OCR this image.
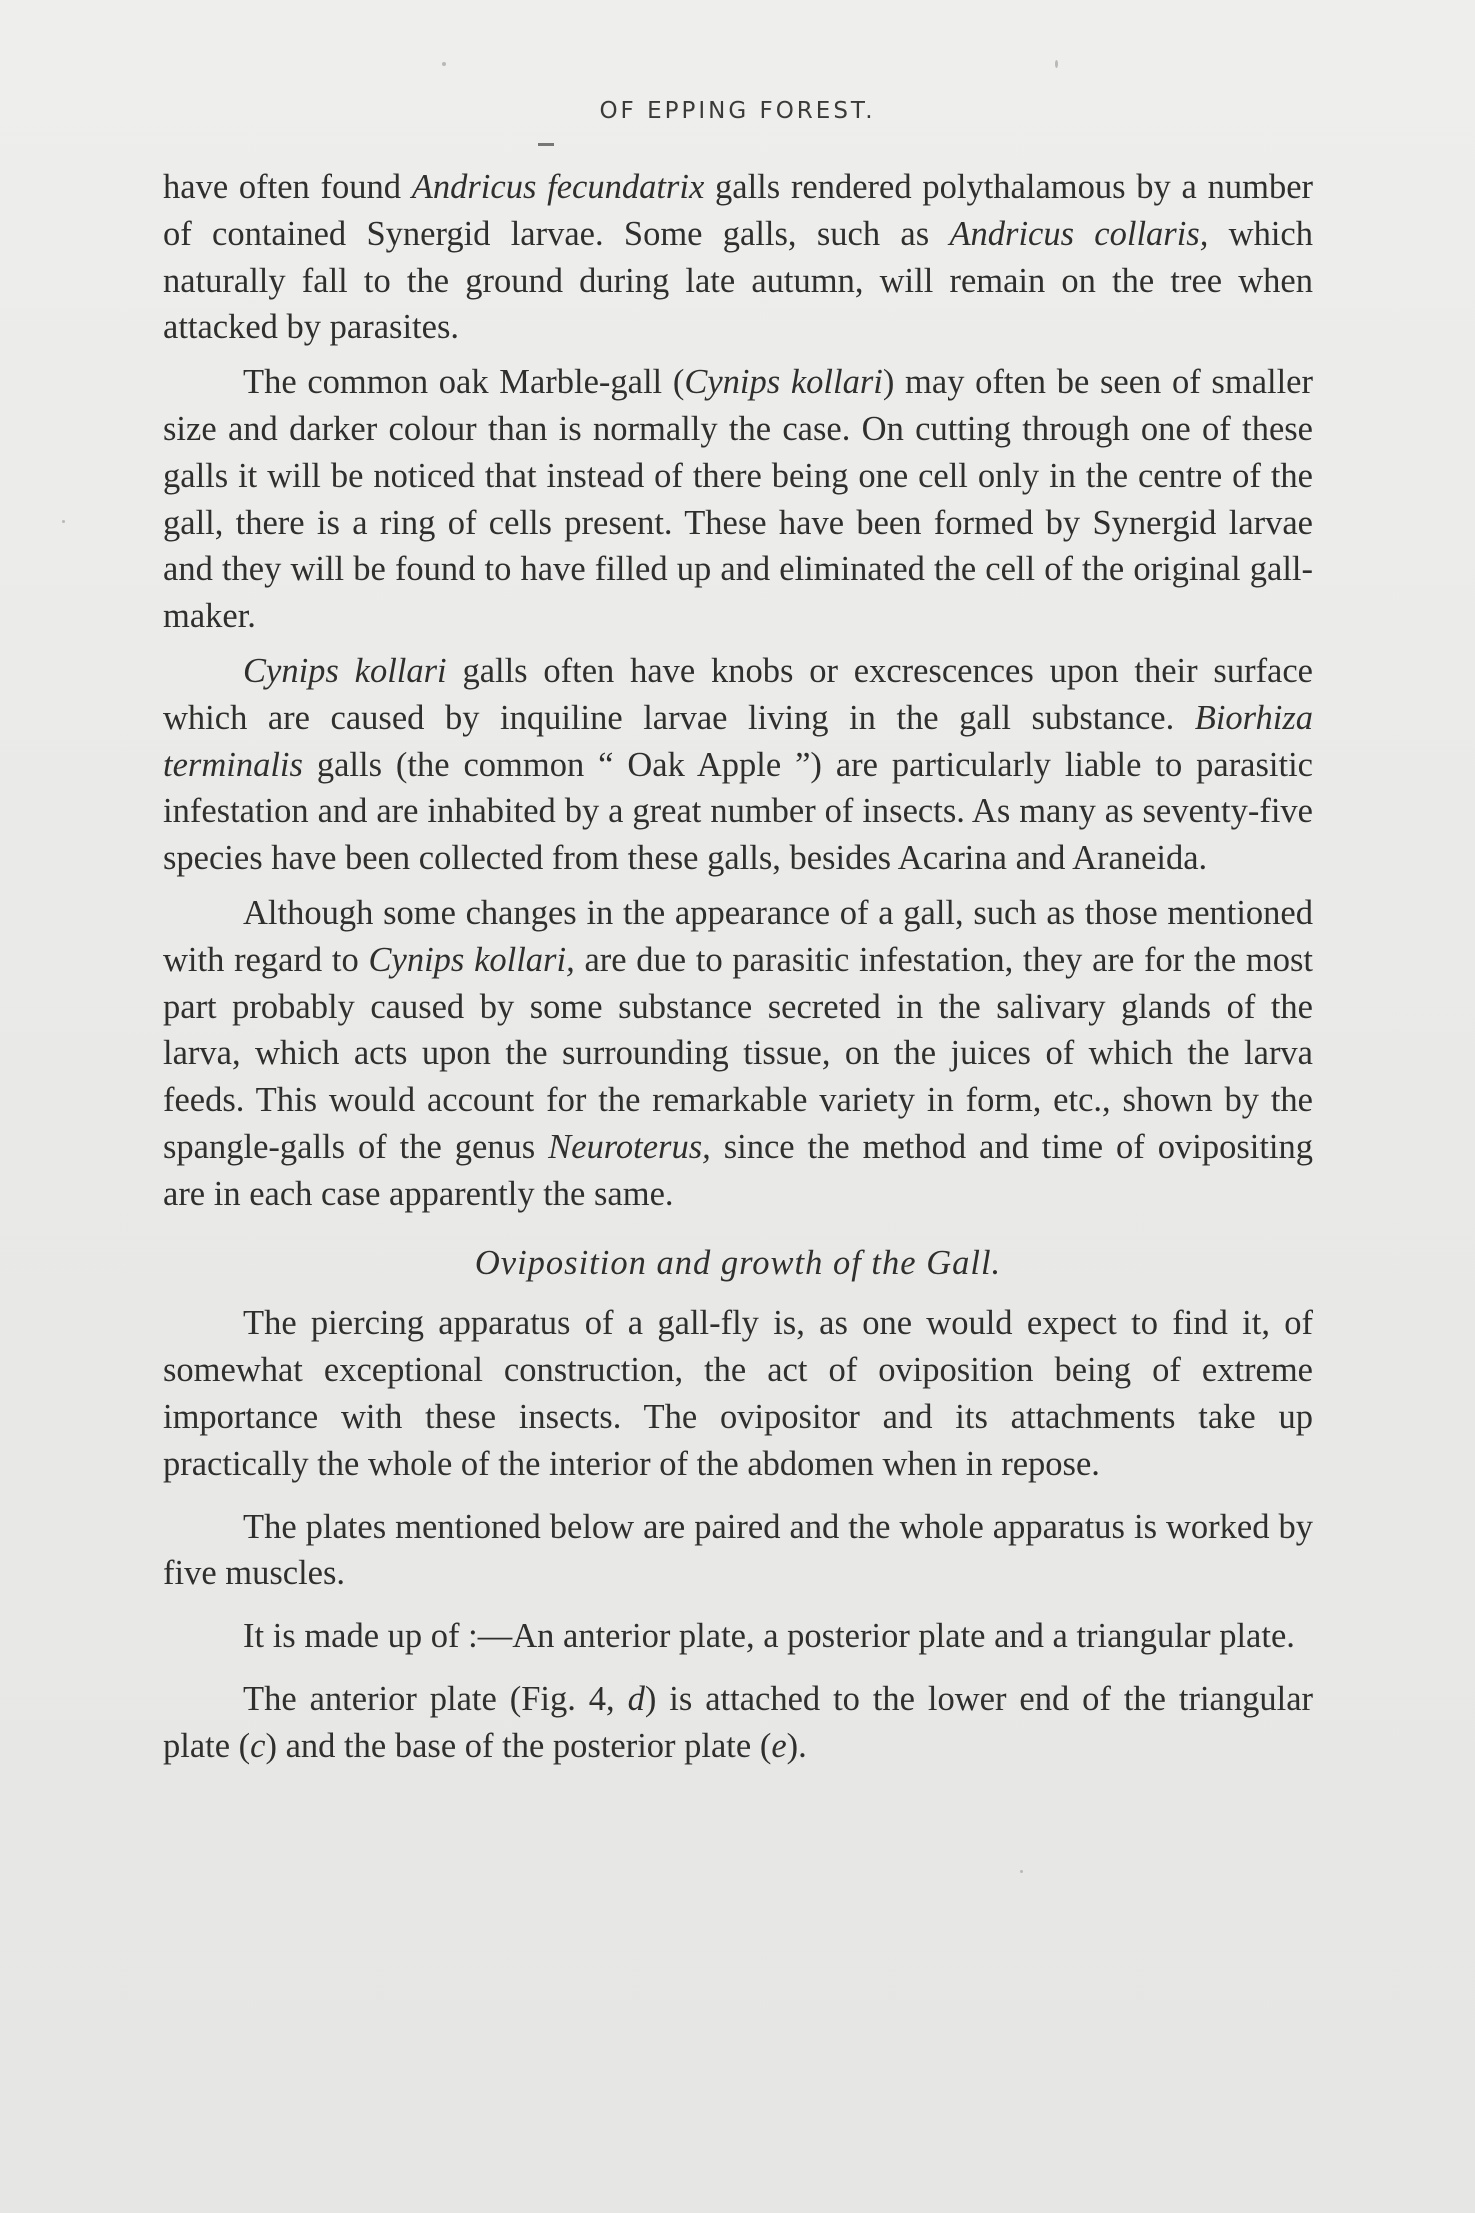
OF EPPING FOREST.

have often found Andricus fecundatrix galls rendered polythalamous by a number of contained Synergid larvae. Some galls, such as Andricus collaris, which naturally fall to the ground during late autumn, will remain on the tree when attacked by parasites.

The common oak Marble-gall (Cynips kollari) may often be seen of smaller size and darker colour than is normally the case. On cutting through one of these galls it will be noticed that instead of there being one cell only in the centre of the gall, there is a ring of cells present. These have been formed by Synergid larvae and they will be found to have filled up and eliminated the cell of the original gall-maker.

Cynips kollari galls often have knobs or excrescences upon their surface which are caused by inquiline larvae living in the gall substance. Biorhiza terminalis galls (the common “ Oak Apple ”) are particularly liable to parasitic infestation and are inhabited by a great number of insects. As many as seventy-five species have been collected from these galls, besides Acarina and Araneida.

Although some changes in the appearance of a gall, such as those mentioned with regard to Cynips kollari, are due to parasitic infestation, they are for the most part probably caused by some substance secreted in the salivary glands of the larva, which acts upon the surrounding tissue, on the juices of which the larva feeds. This would account for the remarkable variety in form, etc., shown by the spangle-galls of the genus Neuroterus, since the method and time of ovipositing are in each case apparently the same.

Oviposition and growth of the Gall.

The piercing apparatus of a gall-fly is, as one would expect to find it, of somewhat exceptional construction, the act of oviposition being of extreme importance with these insects. The ovipositor and its attachments take up practically the whole of the interior of the abdomen when in repose.

The plates mentioned below are paired and the whole apparatus is worked by five muscles.

It is made up of :—An anterior plate, a posterior plate and a triangular plate.

The anterior plate (Fig. 4, d) is attached to the lower end of the triangular plate (c) and the base of the posterior plate (e).
